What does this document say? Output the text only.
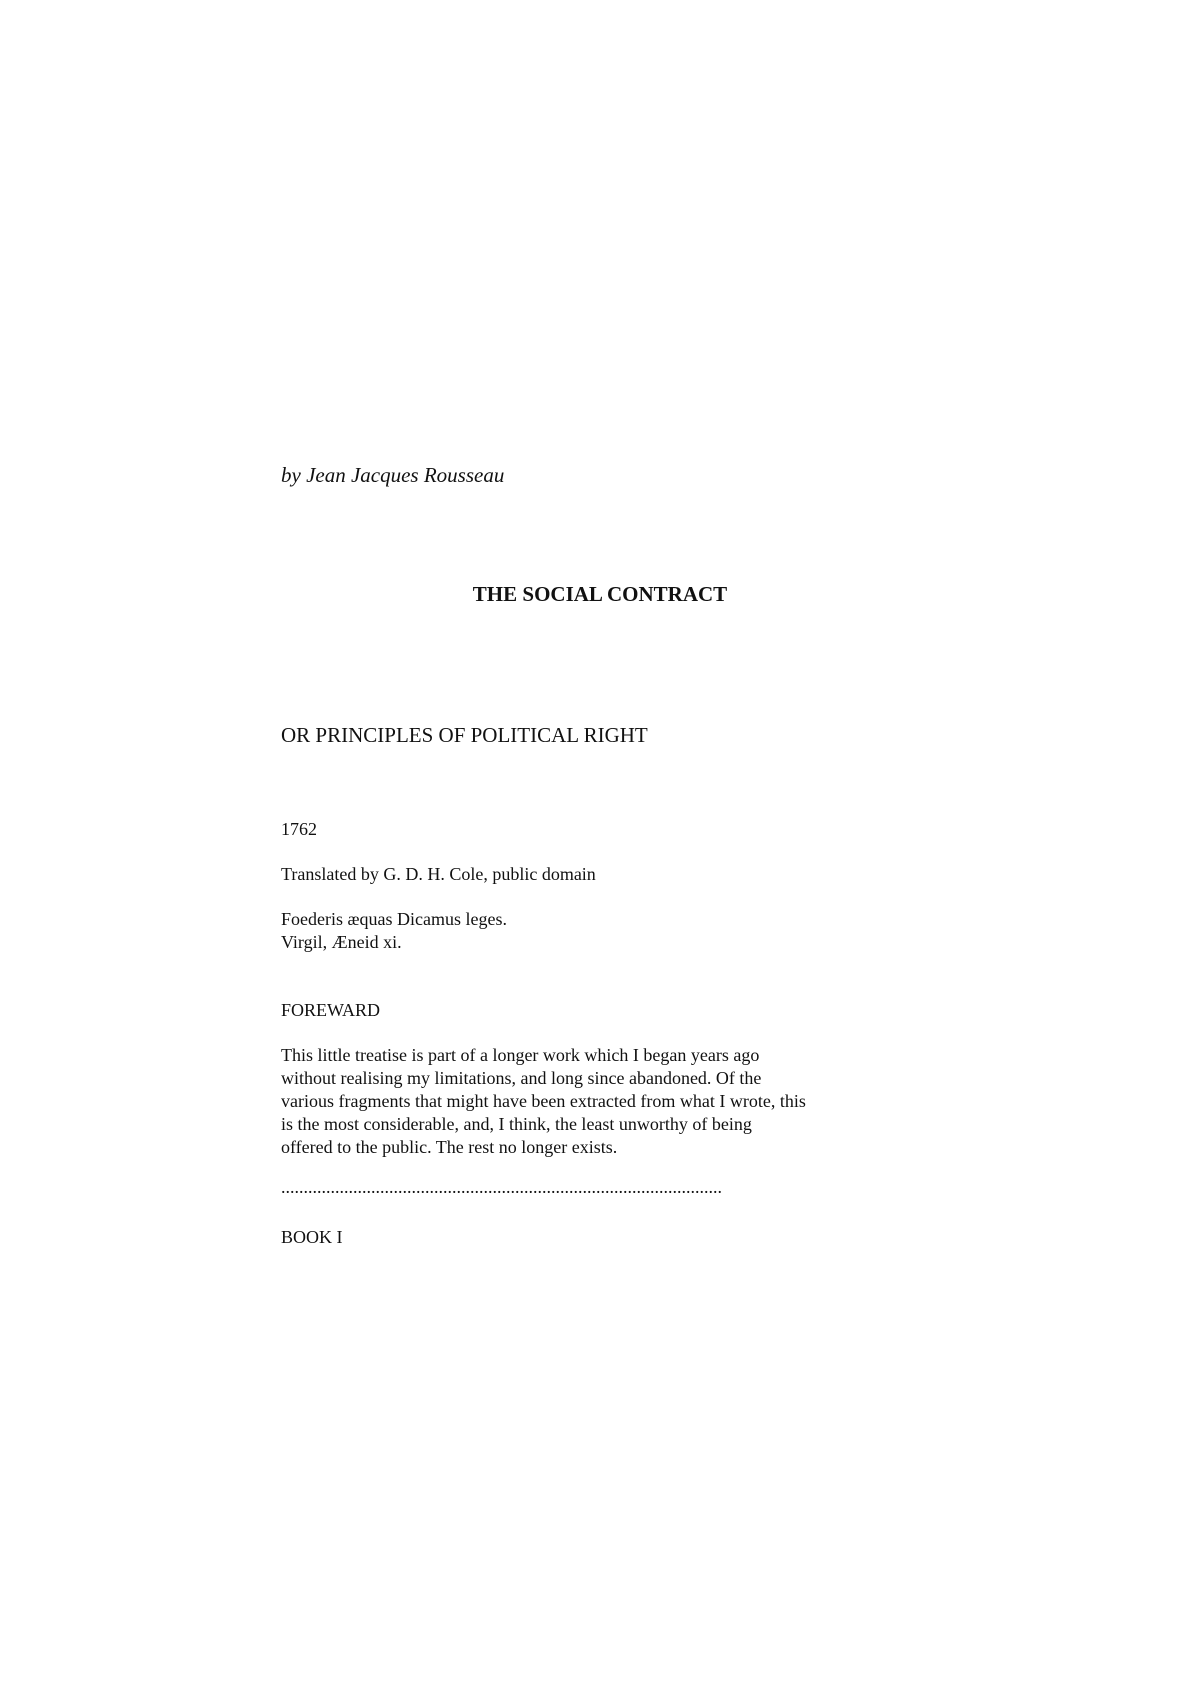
by Jean Jacques Rousseau
THE SOCIAL CONTRACT
OR PRINCIPLES OF POLITICAL RIGHT
1762
Translated by G. D. H. Cole, public domain
Foederis æquas Dicamus leges.
Virgil, Æneid xi.
FOREWARD
This little treatise is part of a longer work which I began years ago
without realising my limitations, and long since abandoned. Of the
various fragments that might have been extracted from what I wrote, this
is the most considerable, and, I think, the least unworthy of being
offered to the public. The rest no longer exists.
..................................................................................................
BOOK I
